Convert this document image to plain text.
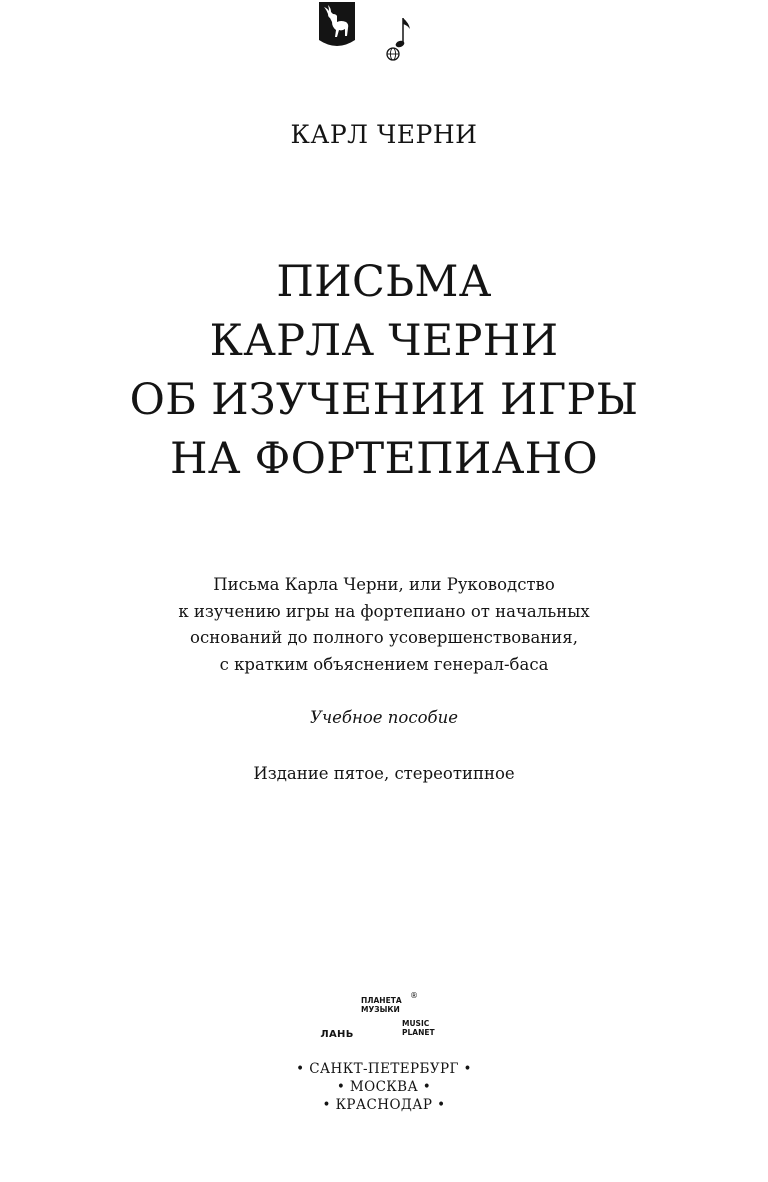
КАРЛ ЧЕРНИ
ПИСЬМА
КАРЛА ЧЕРНИ
ОБ ИЗУЧЕНИИ ИГРЫ
НА ФОРТЕПИАНО
Письма Карла Черни, или Руководство
к изучению игры на фортепиано от начальных
оснований до полного усовершенствования,
с кратким объяснением генерал-баса
Учебное пособие
Издание пятое, стереотипное
ЛАНЬ
ПЛАНЕТА
МУЗЫКИ
MUSIC
PLANET
®
• САНКТ-ПЕТЕРБУРГ •
• МОСКВА •
• КРАСНОДАР •
